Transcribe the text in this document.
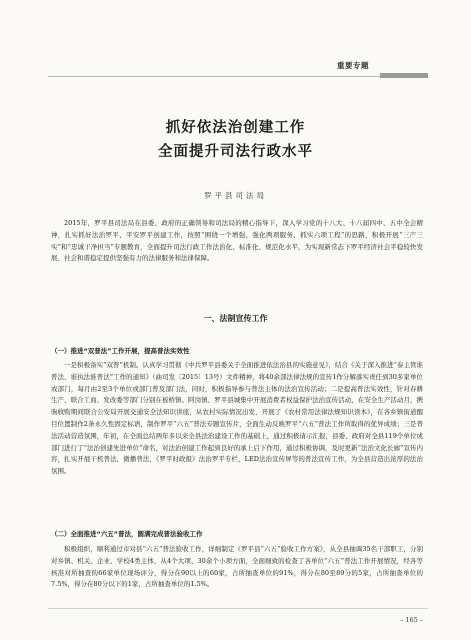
重要专题
抓好依法治创建工作
全面提升司法行政水平

罗平县司法局

2015年，罗平县司法局在县委、政府的正确领导和司法局的精心指导下，深入学习党的十八大、十八届四中、五中全会精神，扎实抓好法治罗平、平安罗平创建工作，按照“围绕一个增强、强化两项服务、抓实六项工程”的思路，积极开展“三产三实”和“忠诚干净担当”专题教育，全面提升司法行政工作法治化、标准化、规范化水平，为实现新常态下罗平经济社会平稳较快发展、社会和谐稳定提供坚强有力的法律服务和法律保障。

一、法制宣传工作
（一）推进“双普法”工作开展，提高普法实效性

一是积极备实“双普”机制。认真学习贯彻《中共罗平县委关于全面推进依法治县的实施意见》，结合《关于深入推进“泰主管谁普法、谁执法谁普法”工作的通知》（曲司发〔2015〕13号）文件精神，将40余部法律法规的宣传1作分解落实责任到30多家单位或部门，每月由2至3个单位或部门普及部门法，同时，积极指导参与普法主体的法治宣传活动；二是提高普法实效性，针对春耕生产、联合工商、发改委等部门分别在板桥镇、阿岗镇、罗平县城集中开展消费者权益保护法治宣传活动，在安全生产活动月，携驹收购期间联合公安局开展交通安全法知识讲座，从农村实际情况出发，开展了《农村常用法律法规知识读本》，在各乡镇街道醒目位置制作2条永久性固定标语，制作罗平“六五”普法专题宣传片，全面生动反映罗平“六五”普法工作所取得的优异成绩；三是普法活动营造氛围，年初，在全面总结两年多以来全县法治建设工作的基础上，通过积极请示汇报，县委、政府对全县119个单位或部门进行了“法治创建先进单位”命名，对法治创建工作起到良好的承上启下作用，通过积极协调，及时更新“法治文化长廊”宣传内容，扎实开展干机普法，微播普法，《罗平时政报》法治罗平专栏，LED法治宣传屏等的普法宣传工作，为全县营造出浓厚的法治氛围。

（二）全面推进“六五”普法，圆满完成普法验收工作

积极组织，顺利通过市对县“六五”普法验收工作，详细制定《罗平县“六五”验收工作方案》，从全县抽调35名干部职工，分别对乡镇、机关、企业、学校4类主体，从4个大项、30余个小项方面，全面细致的检查了各单位“六五”普法工作开展情况，经各等核准对所抽查的66家单位现场评分，得分在90以上的60家，占所抽查单位的91%，得分在80至89分的5家，占所抽查单位的7.5%，得分在80分以下的1家，占所抽查单位的1.5%。

– 165 –
